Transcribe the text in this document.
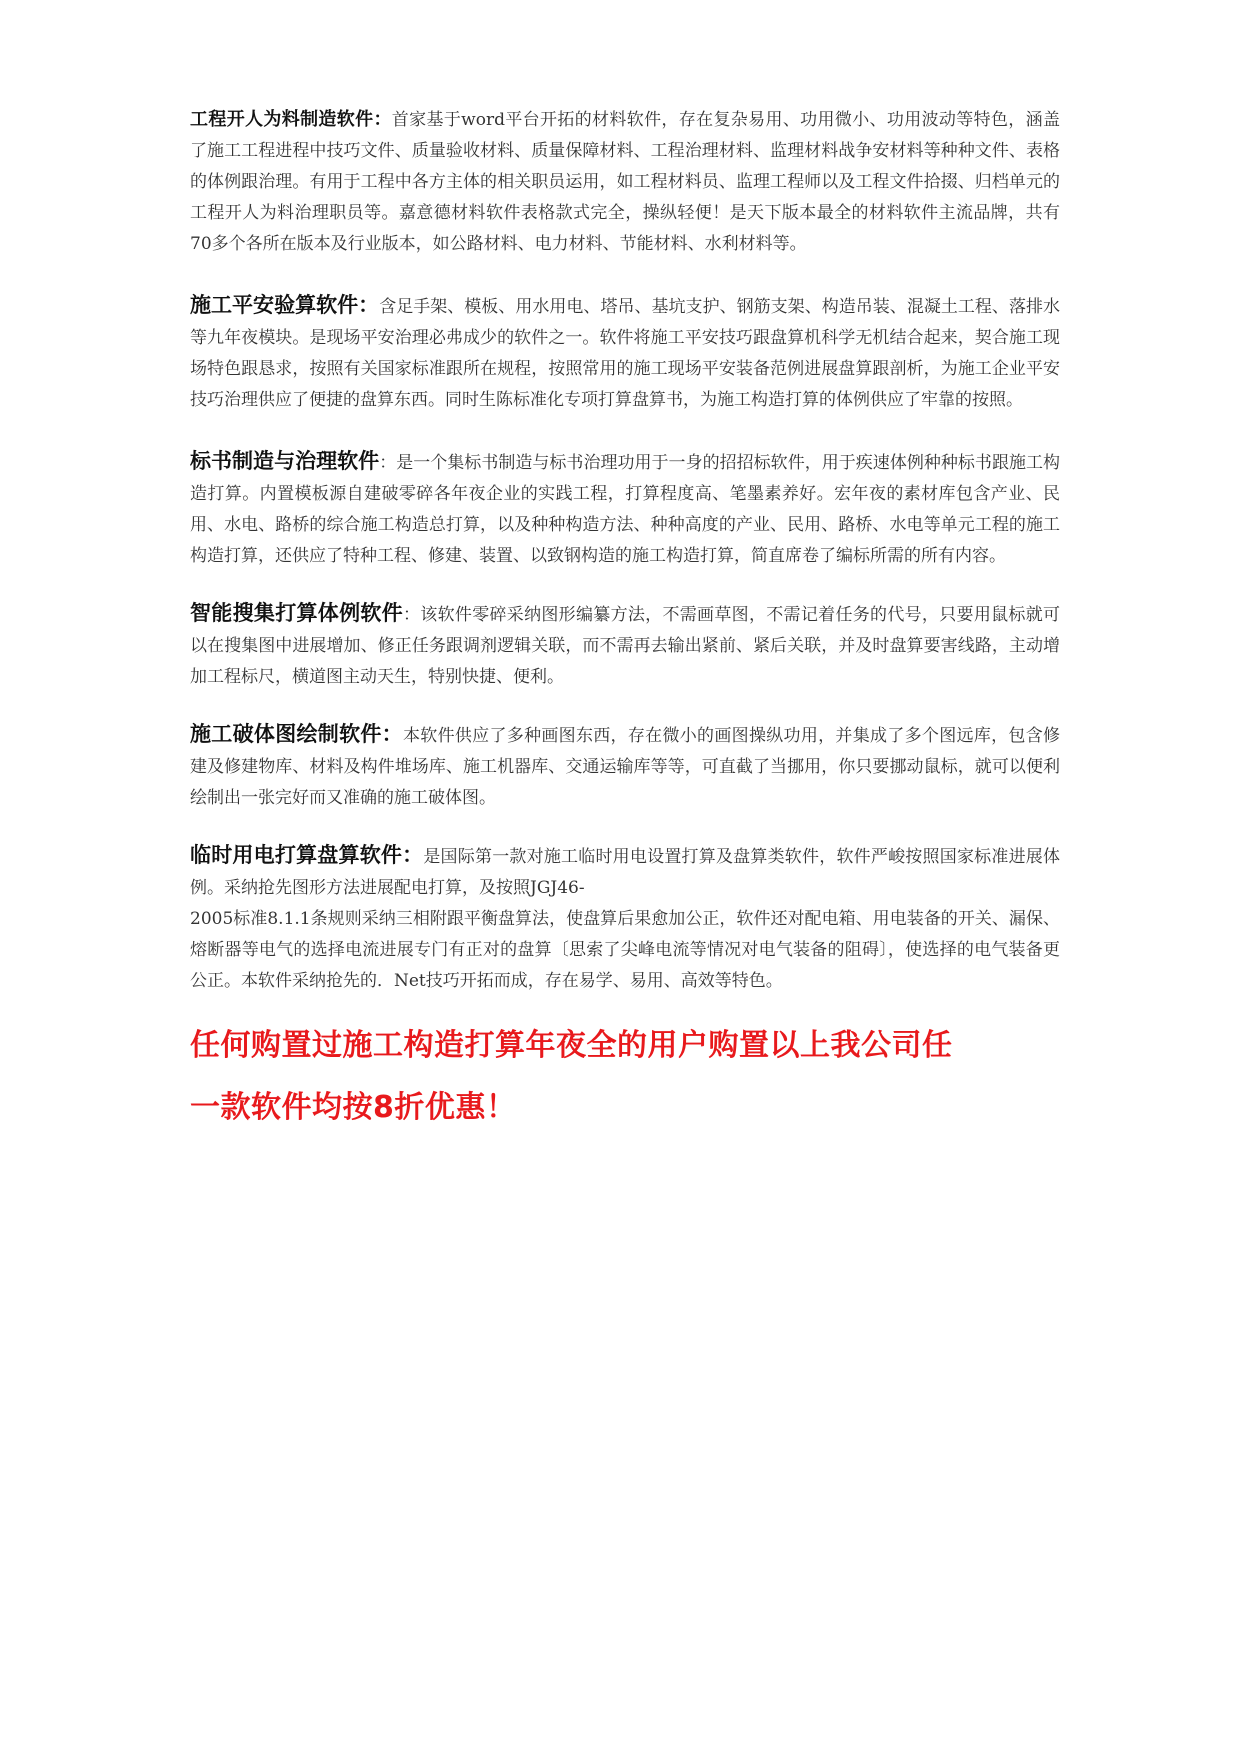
工程开人为料制造软件：首家基于word平台开拓的材料软件，存在复杂易用、功用微小、功用波动等特色，涵盖了施工工程进程中技巧文件、质量验收材料、质量保障材料、工程治理材料、监理材料战争安材料等种种文件、表格的体例跟治理。有用于工程中各方主体的相关职员运用，如工程材料员、监理工程师以及工程文件拾掇、归档单元的工程开人为料治理职员等。嘉意德材料软件表格款式完全，操纵轻便！是天下版本最全的材料软件主流品牌，共有70多个各所在版本及行业版本，如公路材料、电力材料、节能材料、水利材料等。

施工平安验算软件：含足手架、模板、用水用电、塔吊、基坑支护、钢筋支架、构造吊装、混凝土工程、落排水等九年夜模块。是现场平安治理必弗成少的软件之一。软件将施工平安技巧跟盘算机科学无机结合起来，契合施工现场特色跟恳求，按照有关国家标准跟所在规程，按照常用的施工现场平安装备范例进展盘算跟剖析，为施工企业平安技巧治理供应了便捷的盘算东西。同时生陈标准化专项打算盘算书，为施工构造打算的体例供应了牢靠的按照。

标书制造与治理软件：是一个集标书制造与标书治理功用于一身的招招标软件，用于疾速体例种种标书跟施工构造打算。内置模板源自建破零碎各年夜企业的实践工程，打算程度高、笔墨素养好。宏年夜的素材库包含产业、民用、水电、路桥的综合施工构造总打算，以及种种构造方法、种种高度的产业、民用、路桥、水电等单元工程的施工构造打算，还供应了特种工程、修建、装置、以致钢构造的施工构造打算，简直席卷了编标所需的所有内容。

智能搜集打算体例软件：该软件零碎采纳图形编纂方法，不需画草图，不需记着任务的代号，只要用鼠标就可以在搜集图中进展增加、修正任务跟调剂逻辑关联，而不需再去输出紧前、紧后关联，并及时盘算要害线路，主动增加工程标尺，横道图主动天生，特别快捷、便利。

施工破体图绘制软件：本软件供应了多种画图东西，存在微小的画图操纵功用，并集成了多个图远库，包含修建及修建物库、材料及构件堆场库、施工机器库、交通运输库等等，可直截了当挪用，你只要挪动鼠标，就可以便利绘制出一张完好而又准确的施工破体图。

临时用电打算盘算软件：是国际第一款对施工临时用电设置打算及盘算类软件，软件严峻按照国家标准进展体例。采纳抢先图形方法进展配电打算，及按照JGJ46-
2005标准8.1.1条规则采纳三相附跟平衡盘算法，使盘算后果愈加公正，软件还对配电箱、用电装备的开关、漏保、熔断器等电气的选择电流进展专门有正对的盘算〔思索了尖峰电流等情况对电气装备的阻碍〕，使选择的电气装备更公正。本软件采纳抢先的．Net技巧开拓而成，存在易学、易用、高效等特色。

任何购置过施工构造打算年夜全的用户购置以上我公司任
一款软件均按8折优惠！
